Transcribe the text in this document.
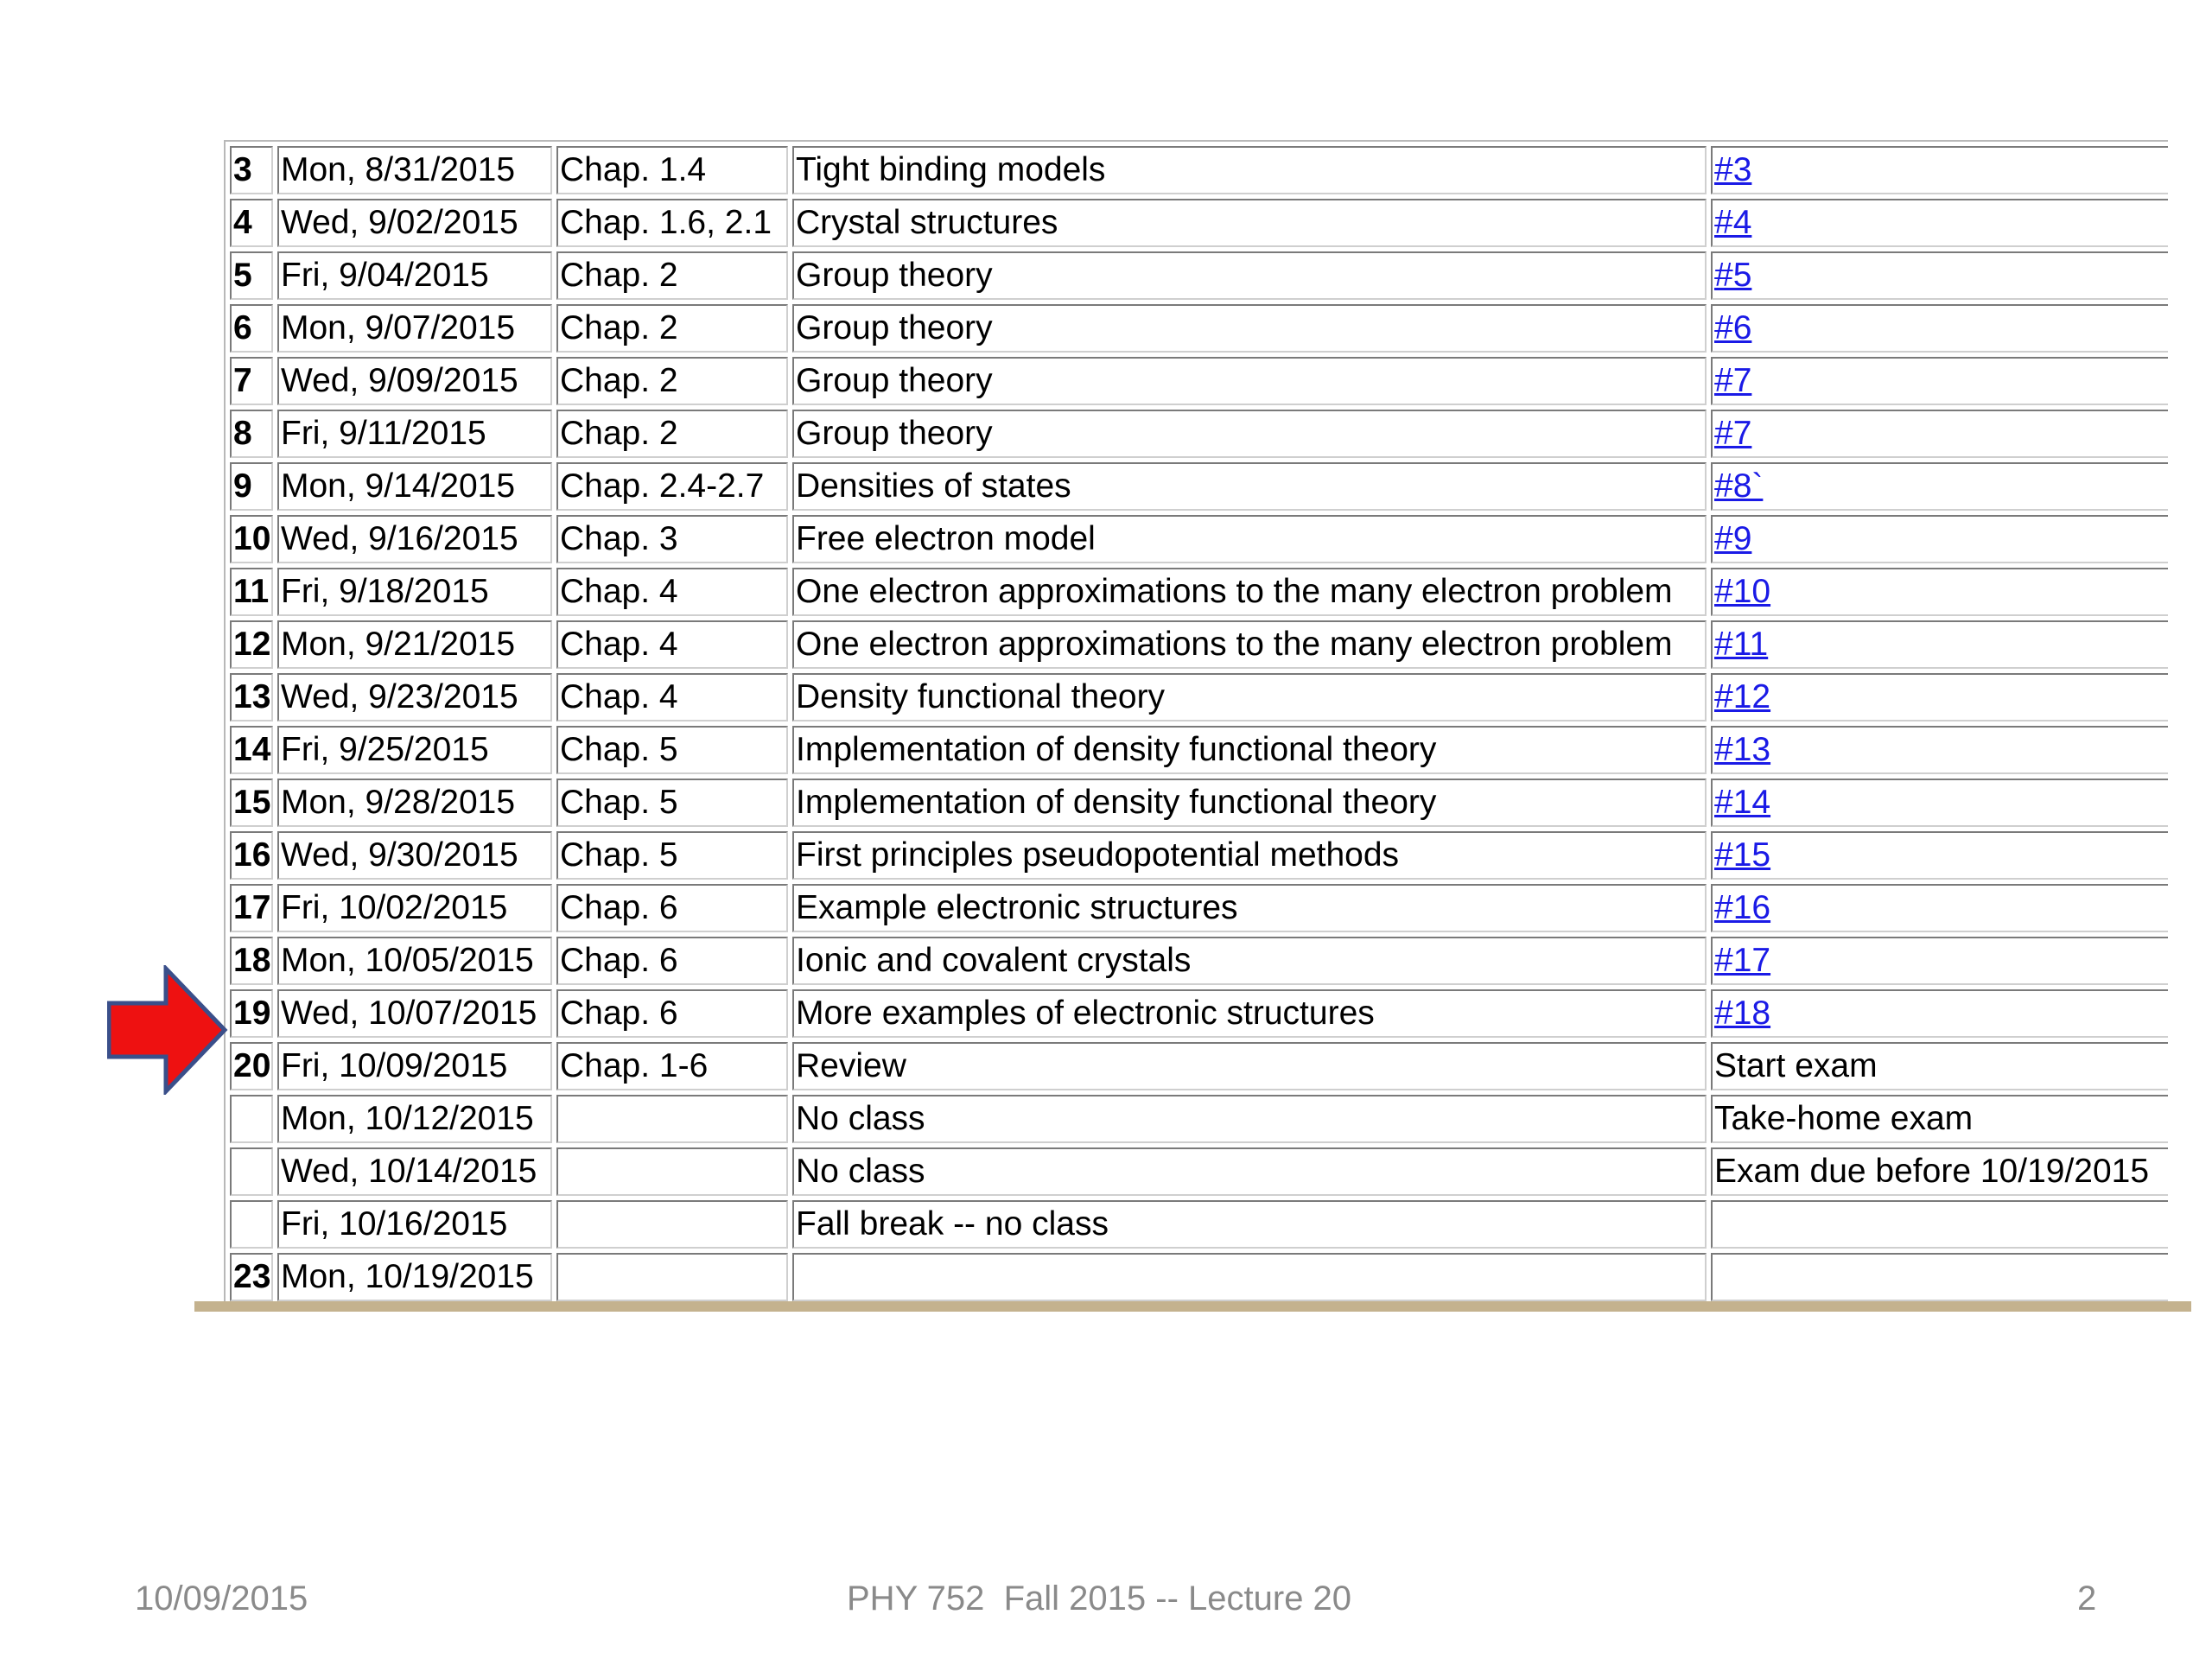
3	Mon, 8/31/2015	Chap. 1.4	Tight binding models	#3
4	Wed, 9/02/2015	Chap. 1.6, 2.1	Crystal structures	#4
5	Fri, 9/04/2015	Chap. 2	Group theory	#5
6	Mon, 9/07/2015	Chap. 2	Group theory	#6
7	Wed, 9/09/2015	Chap. 2	Group theory	#7
8	Fri, 9/11/2015	Chap. 2	Group theory	#7
9	Mon, 9/14/2015	Chap. 2.4-2.7	Densities of states	#8`
10	Wed, 9/16/2015	Chap. 3	Free electron model	#9
11	Fri, 9/18/2015	Chap. 4	One electron approximations to the many electron problem	#10
12	Mon, 9/21/2015	Chap. 4	One electron approximations to the many electron problem	#11
13	Wed, 9/23/2015	Chap. 4	Density functional theory	#12
14	Fri, 9/25/2015	Chap. 5	Implementation of density functional theory	#13
15	Mon, 9/28/2015	Chap. 5	Implementation of density functional theory	#14
16	Wed, 9/30/2015	Chap. 5	First principles pseudopotential methods	#15
17	Fri, 10/02/2015	Chap. 6	Example electronic structures	#16
18	Mon, 10/05/2015	Chap. 6	Ionic and covalent crystals	#17
19	Wed, 10/07/2015	Chap. 6	More examples of electronic structures	#18
20	Fri, 10/09/2015	Chap. 1-6	Review	Start exam
	Mon, 10/12/2015		No class	Take-home exam
	Wed, 10/14/2015		No class	Exam due before 10/19/2015
	Fri, 10/16/2015		Fall break -- no class	
23	Mon, 10/19/2015			
10/09/2015	PHY 752  Fall 2015 -- Lecture 20	2
